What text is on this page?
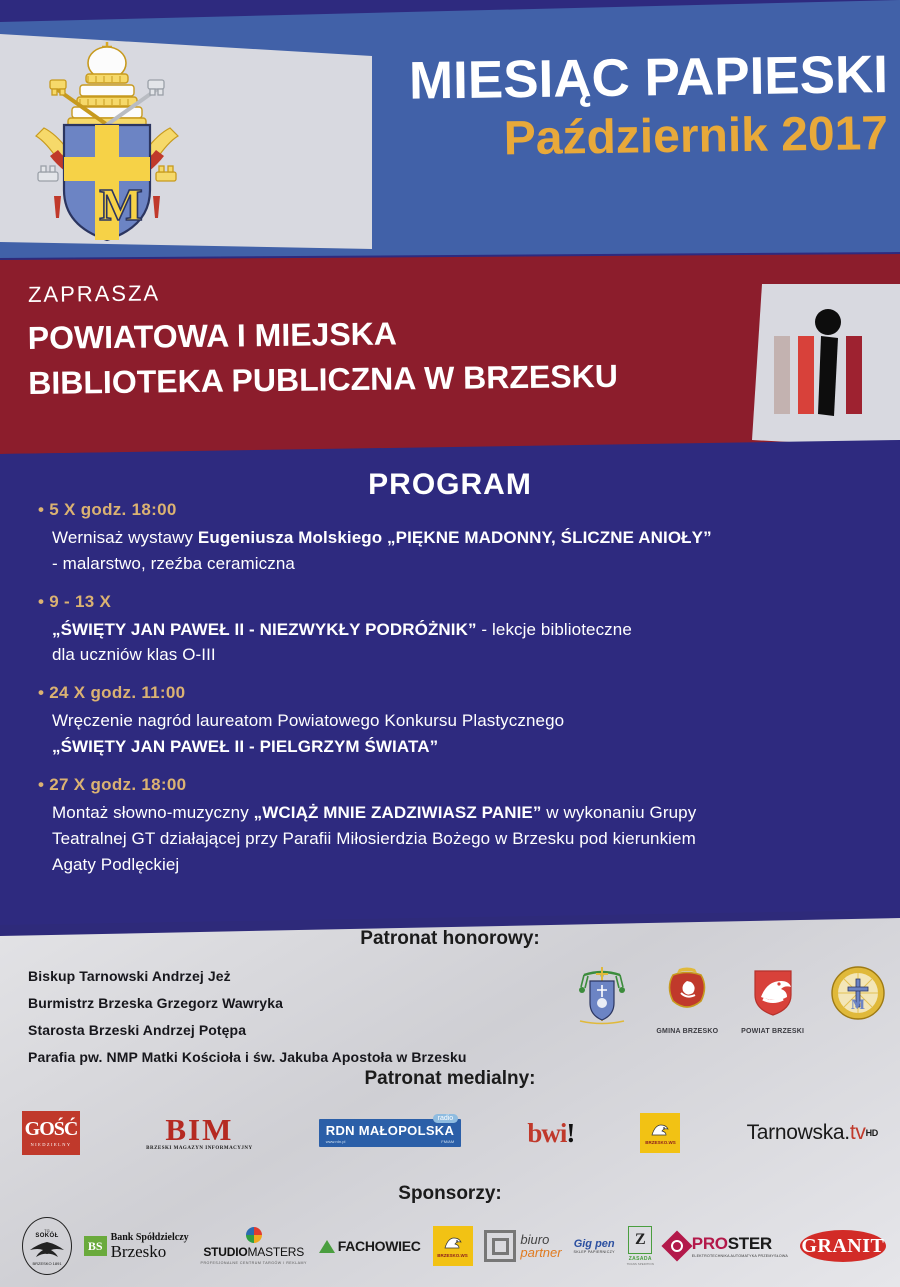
M
MIESIĄC PAPIESKI
Październik 2017
ZAPRASZA
POWIATOWA I MIEJSKA
BIBLIOTEKA PUBLICZNA W BRZESKU
PROGRAM
• 5 X godz. 18:00
Wernisaż wystawy Eugeniusza Molskiego „PIĘKNE MADONNY, ŚLICZNE ANIOŁY”
- malarstwo, rzeźba ceramiczna
• 9 - 13 X
„ŚWIĘTY JAN PAWEŁ II - NIEZWYKŁY PODRÓŻNIK” - lekcje biblioteczne
dla uczniów klas O-III
• 24 X godz. 11:00
Wręczenie nagród laureatom Powiatowego Konkursu Plastycznego
„ŚWIĘTY JAN PAWEŁ II - PIELGRZYM ŚWIATA”
• 27 X godz. 18:00
Montaż słowno-muzyczny „WCIĄŻ MNIE ZADZIWIASZ PANIE” w wykonaniu Grupy
Teatralnej GT działającej przy Parafii Miłosierdzia Bożego w Brzesku pod kierunkiem
Agaty Podlęckiej
Patronat honorowy:
Biskup Tarnowski Andrzej Jeż
Burmistrz Brzeska Grzegorz Wawryka
Starosta Brzeski Andrzej Potępa
Parafia pw. NMP Matki Kościoła i św. Jakuba Apostoła w Brzesku
GMINA BRZESKO	POWIAT BRZESKI
M
Patronat medialny:
GOŚĆ
NIEDZIELNY	BIM
BRZESKI MAGAZYN INFORMACYJNY
radio
RDN MAŁOPOLSKA
www.rdn.pl	FM/AM	bwi !	BRZESKO.WS	Tarnowska. tv HD
Sponsorzy:
TG
SOKÓŁ
BRZESKO 1891
BS
Bank Spółdzielczy
Brzesko	STUDIOMASTERS
PROFESJONALNE CENTRUM TARGÓW I REKLAMY
FACHOWIEC
BRZESKO.WS
biuro
partner
Gig pen
SKLEP PAPIERNICZY
Z
ZASADA
TRANS SPEDITION
PROSTER
ELEKTROTECHNIKA AUTOMATYKA PRZEMYSŁOWA GRANIT
